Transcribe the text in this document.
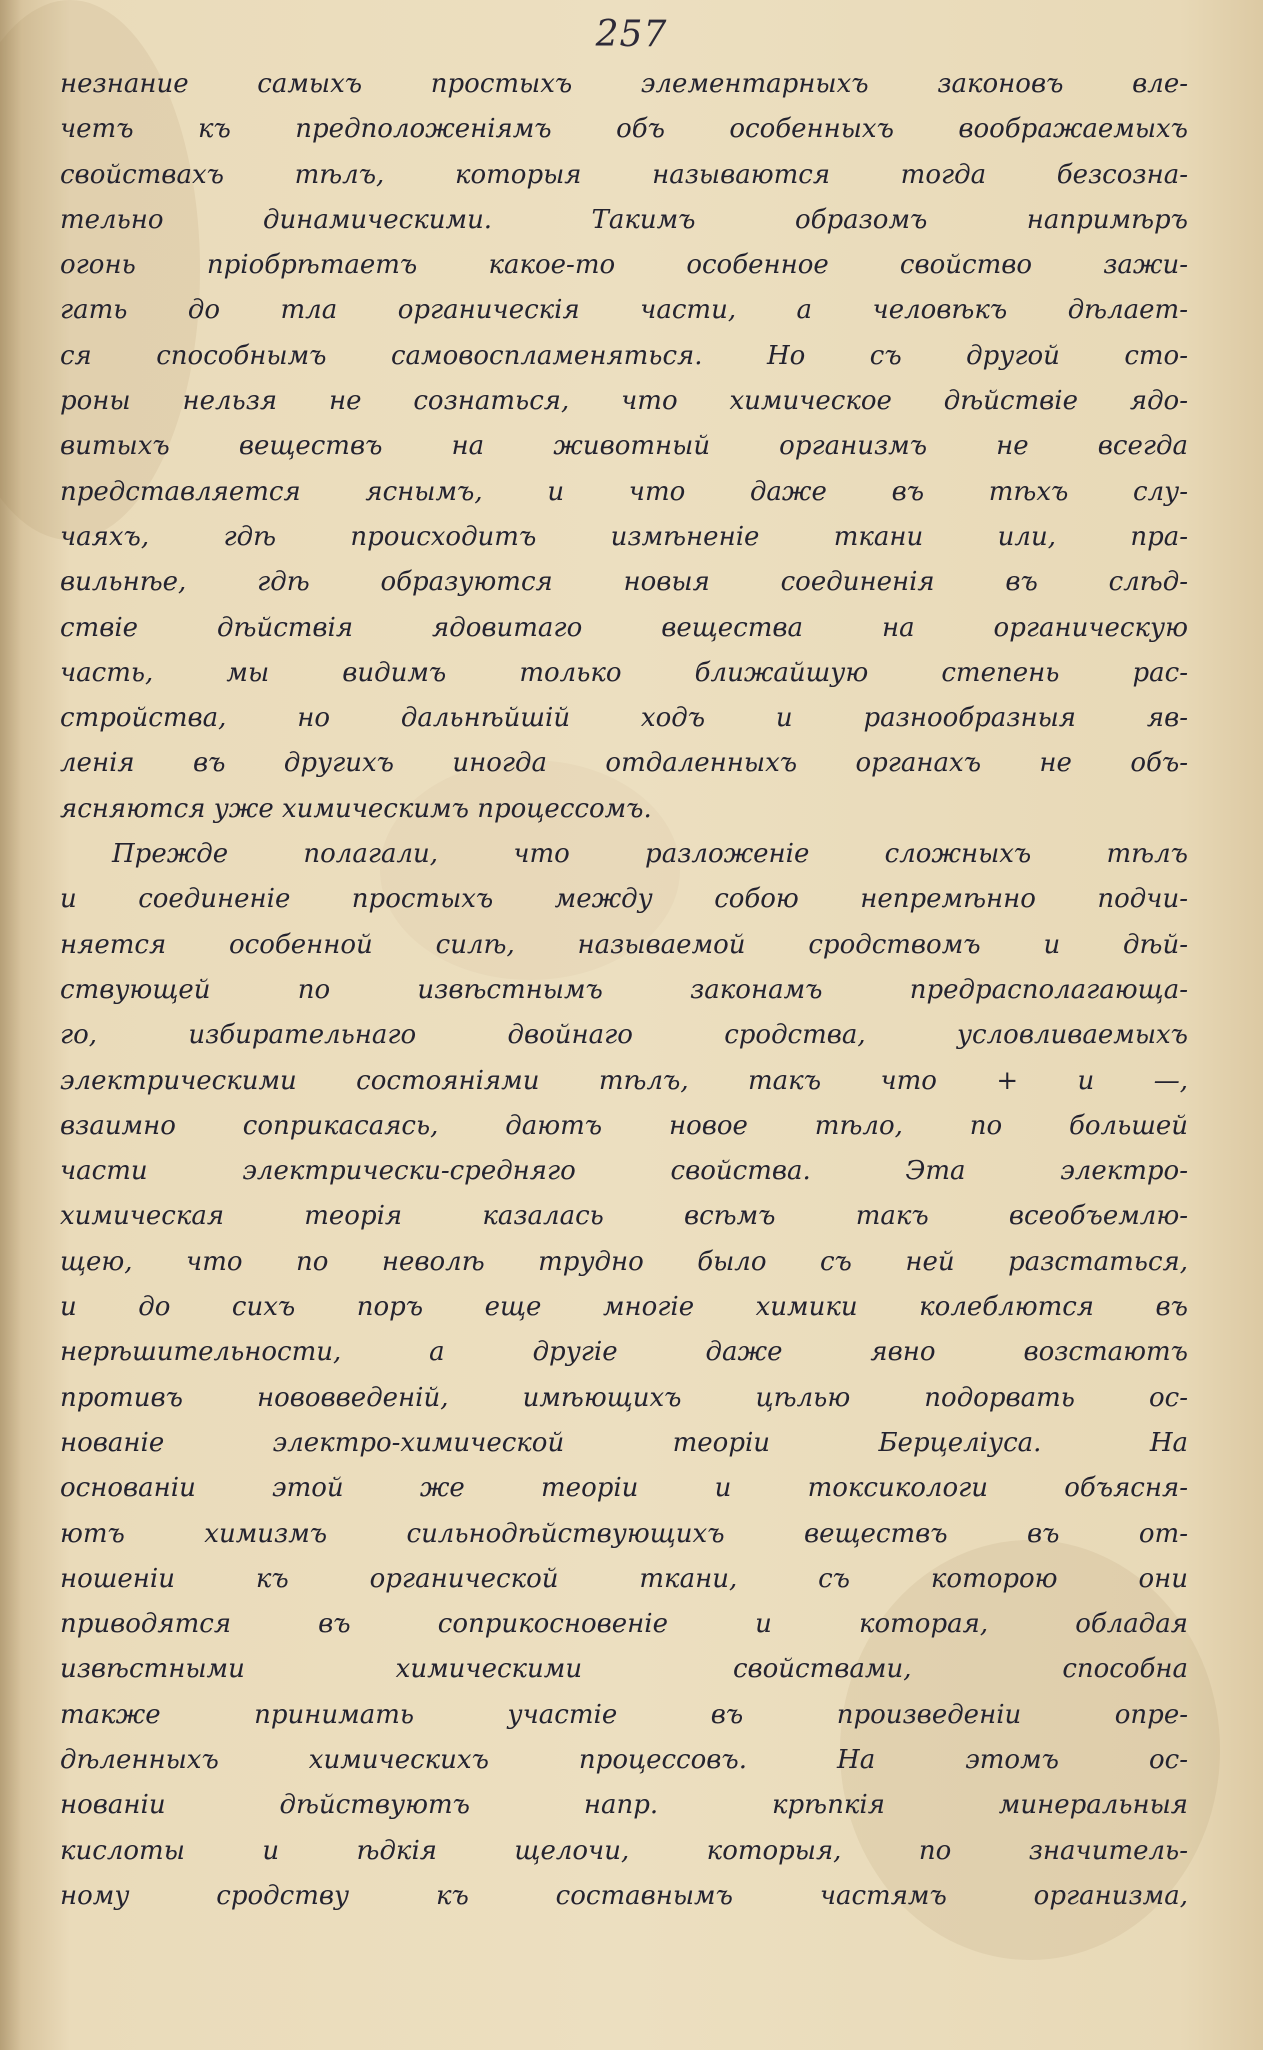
257
незнание самыхъ простыхъ элементарныхъ законовъ вле-
четъ къ предположеніямъ объ особенныхъ воображаемыхъ
свойствахъ тѣлъ, которыя называются тогда безсозна-
тельно динамическими. Такимъ образомъ напримѣръ
огонь пріобрѣтаетъ какое-то особенное свойство зажи-
гать до тла органическія части, а человѣкъ дѣлает-
ся способнымъ самовоспламеняться. Но съ другой сто-
роны нельзя не сознаться, что химическое дѣйствіе ядо-
витыхъ веществъ на животный организмъ не всегда
представляется яснымъ, и что даже въ тѣхъ слу-
чаяхъ, гдѣ происходитъ измѣненіе ткани или, пра-
вильнѣе, гдѣ образуются новыя соединенія въ слѣд-
ствіе дѣйствія ядовитаго вещества на органическую
часть, мы видимъ только ближайшую степень рас-
стройства, но дальнѣйшій ходъ и разнообразныя яв-
ленія въ другихъ иногда отдаленныхъ органахъ не объ-
ясняются уже химическимъ процессомъ.
Прежде полагали, что разложеніе сложныхъ тѣлъ
и соединеніе простыхъ между собою непремѣнно подчи-
няется особенной силѣ, называемой сродствомъ и дѣй-
ствующей по извѣстнымъ законамъ предрасполагающа-
го, избирательнаго двойнаго сродства, условливаемыхъ
электрическими состояніями тѣлъ, такъ что + и —,
взаимно соприкасаясь, даютъ новое тѣло, по большей
части электрически-средняго свойства. Эта электро-
химическая теорія казалась всѣмъ такъ всеобъемлю-
щею, что по неволѣ трудно было съ ней разстаться,
и до сихъ поръ еще многіе химики колеблются въ
нерѣшительности, а другіе даже явно возстаютъ
противъ нововведеній, имѣющихъ цѣлью подорвать ос-
нованіе электро-химической теоріи Берцеліуса. На
основаніи этой же теоріи и токсикологи объясня-
ютъ химизмъ сильнодѣйствующихъ веществъ въ от-
ношеніи къ органической ткани, съ которою они
приводятся въ соприкосновеніе и которая, обладая
извѣстными химическими свойствами, способна
также принимать участіе въ произведеніи опре-
дѣленныхъ химическихъ процессовъ. На этомъ ос-
нованіи дѣйствуютъ напр. крѣпкія минеральныя
кислоты и ѣдкія щелочи, которыя, по значитель-
ному сродству къ составнымъ частямъ организма,
